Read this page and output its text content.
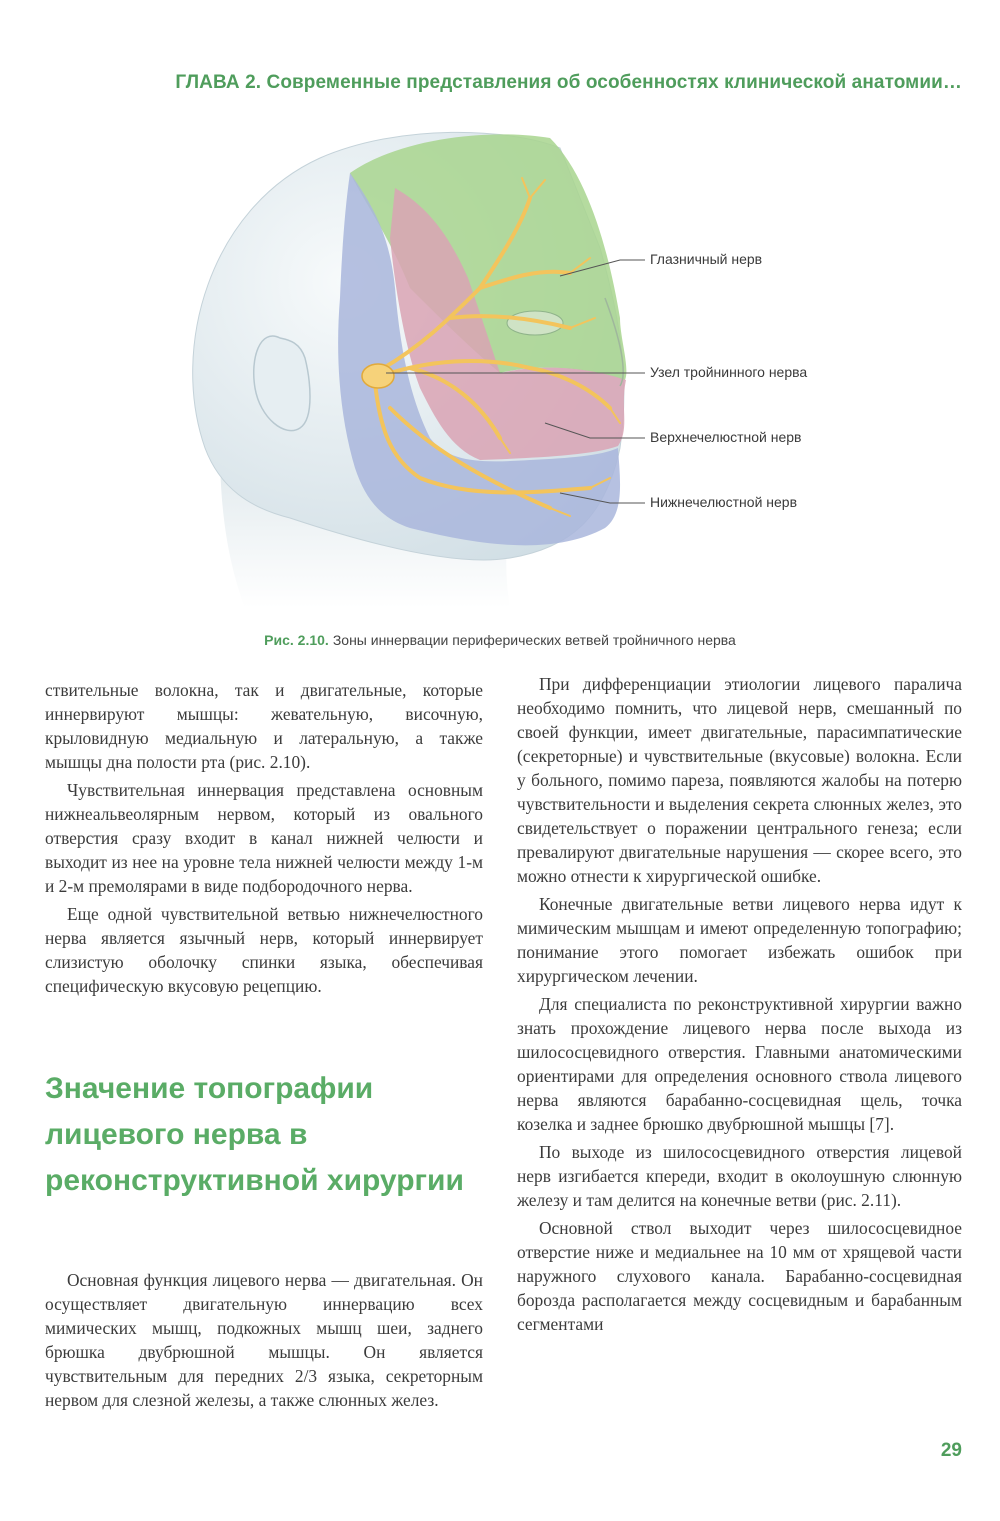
ГЛАВА 2. Современные представления об особенностях клинической анатомии…
Глазничный нерв
Узел тройнинного нерва
Верхнечелюстной нерв
Нижнечелюстной нерв
Рис. 2.10. Зоны иннервации периферических ветвей тройничного нерва

ствительные волокна, так и двигательные, которые иннервируют мышцы: жевательную, височную, крыловидную медиальную и латеральную, а также мышцы дна полости рта (рис. 2.10).

Чувствительная иннервация представлена основным нижнеальвеолярным нервом, который из овального отверстия сразу входит в канал нижней челюсти и выходит из нее на уровне тела нижней челюсти между 1-м и 2-м премолярами в виде подбородочного нерва.

Еще одной чувствительной ветвью нижнечелюстного нерва является язычный нерв, который иннервирует слизистую оболочку спинки языка, обеспечивая специфическую вкусовую рецепцию.

Значение топографии лицевого нерва в реконструктивной хирургии

Основная функция лицевого нерва — двигательная. Он осуществляет двигательную иннервацию всех мимических мышц, подкожных мышц шеи, заднего брюшка двубрюшной мышцы. Он является чувствительным для передних 2/3 языка, секреторным нервом для слезной железы, а также слюнных желез.

При дифференциации этиологии лицевого паралича необходимо помнить, что лицевой нерв, смешанный по своей функции, имеет двигательные, парасимпатические (секреторные) и чувствительные (вкусовые) волокна. Если у больного, помимо пареза, появляются жалобы на потерю чувствительности и выделения секрета слюнных желез, это свидетельствует о поражении центрального генеза; если превалируют двигательные нарушения — скорее всего, это можно отнести к хирургической ошибке.

Конечные двигательные ветви лицевого нерва идут к мимическим мышцам и имеют определенную топографию; понимание этого помогает избежать ошибок при хирургическом лечении.

Для специалиста по реконструктивной хирургии важно знать прохождение лицевого нерва после выхода из шилососцевидного отверстия. Главными анатомическими ориентирами для определения основного ствола лицевого нерва являются барабанно-сосцевидная щель, точка козелка и заднее брюшко двубрюшной мышцы [7].

По выходе из шилососцевидного отверстия лицевой нерв изгибается кпереди, входит в околоушную слюнную железу и там делится на конечные ветви (рис. 2.11).

Основной ствол выходит через шилососцевидное отверстие ниже и медиальнее на 10 мм от хрящевой части наружного слухового канала. Барабанно-сосцевидная борозда располагается между сосцевидным и барабанным сегментами

29
